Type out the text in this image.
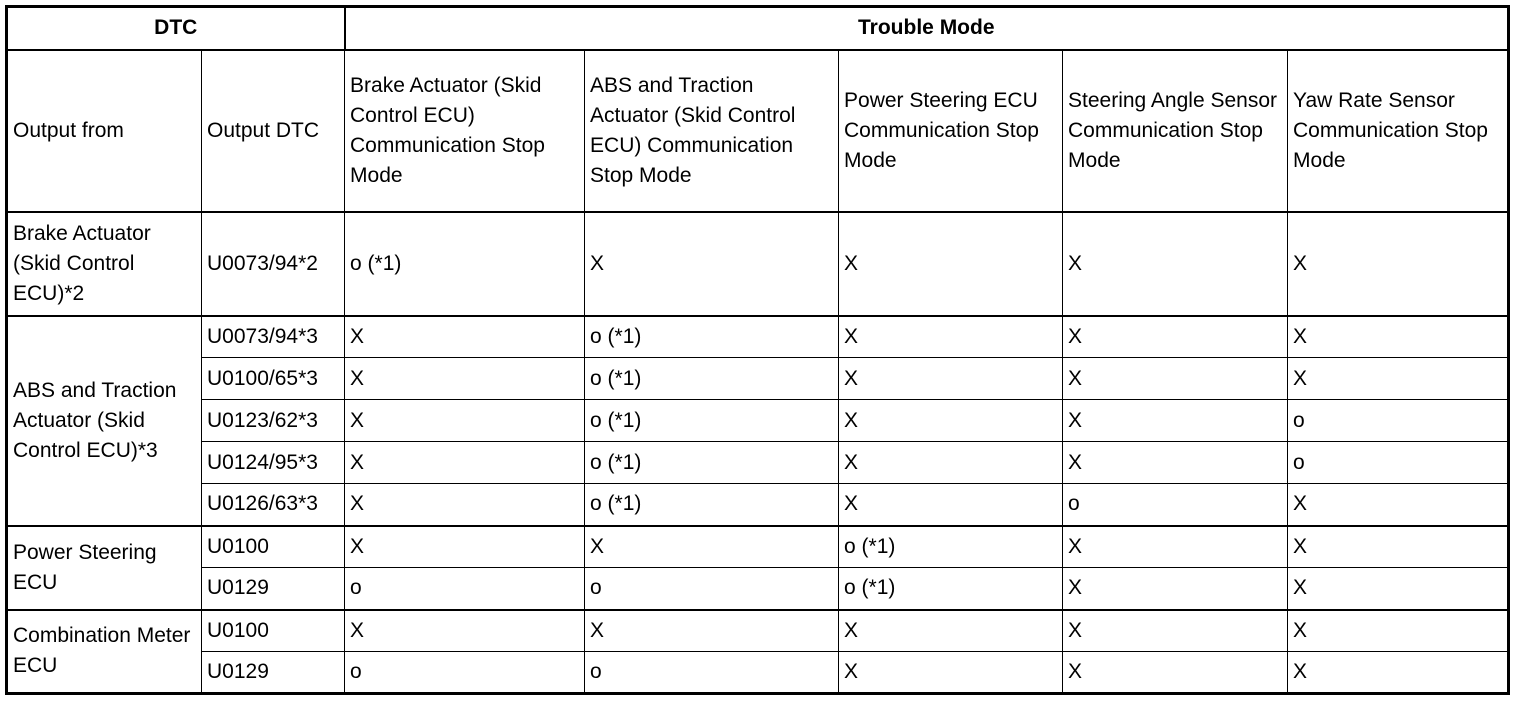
DTC		Trouble Mode				
Output from	Output DTC	Brake Actuator (Skid Control ECU) Communication Stop Mode	ABS and Traction Actuator (Skid Control ECU) Communication Stop Mode	Power Steering ECU Communication Stop Mode	Steering Angle Sensor Communication Stop Mode	Yaw Rate Sensor Communication Stop Mode
Brake Actuator (Skid Control ECU)*2	U0073/94*2	o (*1)	X	X	X	X
ABS and Traction Actuator (Skid Control ECU)*3	U0073/94*3	X	o (*1)	X	X	X
	U0100/65*3	X	o (*1)	X	X	X
	U0123/62*3	X	o (*1)	X	X	o
	U0124/95*3	X	o (*1)	X	X	o
	U0126/63*3	X	o (*1)	X	o	X
Power Steering ECU	U0100	X	X	o (*1)	X	X
	U0129	o	o	o (*1)	X	X
Combination Meter ECU	U0100	X	X	X	X	X
	U0129	o	o	X	X	X
